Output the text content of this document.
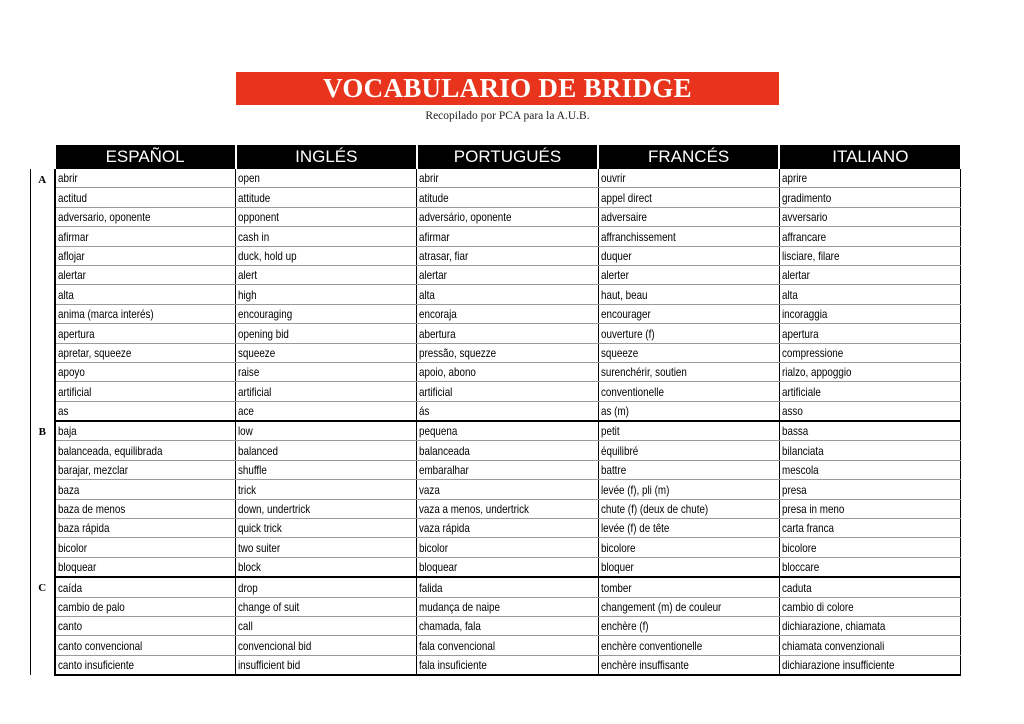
VOCABULARIO DE BRIDGE
Recopilado por PCA para la A.U.B.
	ESPAÑOL	INGLÉS	PORTUGUÉS	FRANCÉS	ITALIANO
A	abrir	open	abrir	ouvrir	aprire
	actitud	attitude	atitude	appel direct	gradimento
	adversario, oponente	opponent	adversário, oponente	adversaire	avversario
	afirmar	cash in	afirmar	affranchissement	affrancare
	aflojar	duck, hold up	atrasar, fiar	duquer	lisciare, filare
	alertar	alert	alertar	alerter	alertar
	alta	high	alta	haut, beau	alta
	anima (marca interés)	encouraging	encoraja	encourager	incoraggia
	apertura	opening bid	abertura	ouverture (f)	apertura
	apretar, squeeze	squeeze	pressão, squezze	squeeze	compressione
	apoyo	raise	apoio, abono	surenchérir, soutien	rialzo, appoggio
	artificial	artificial	artificial	conventionelle	artificiale
	as	ace	ás	as (m)	asso
B	baja	low	pequena	petit	bassa
	balanceada, equilibrada	balanced	balanceada	équilibré	bilanciata
	barajar, mezclar	shuffle	embaralhar	battre	mescola
	baza	trick	vaza	levée (f), pli (m)	presa
	baza de menos	down, undertrick	vaza a menos, undertrick	chute (f) (deux de chute)	presa in meno
	baza rápida	quick trick	vaza rápida	levée (f) de tête	carta franca
	bicolor	two suiter	bicolor	bicolore	bicolore
	bloquear	block	bloquear	bloquer	bloccare
C	caída	drop	falida	tomber	caduta
	cambio de palo	change of suit	mudança de naipe	changement (m) de couleur	cambio di colore
	canto	call	chamada, fala	enchère (f)	dichiarazione, chiamata
	canto convencional	convencional bid	fala convencional	enchère conventionelle	chiamata convenzionali
	canto insuficiente	insufficient bid	fala insuficiente	enchère insuffisante	dichiarazione insufficiente
